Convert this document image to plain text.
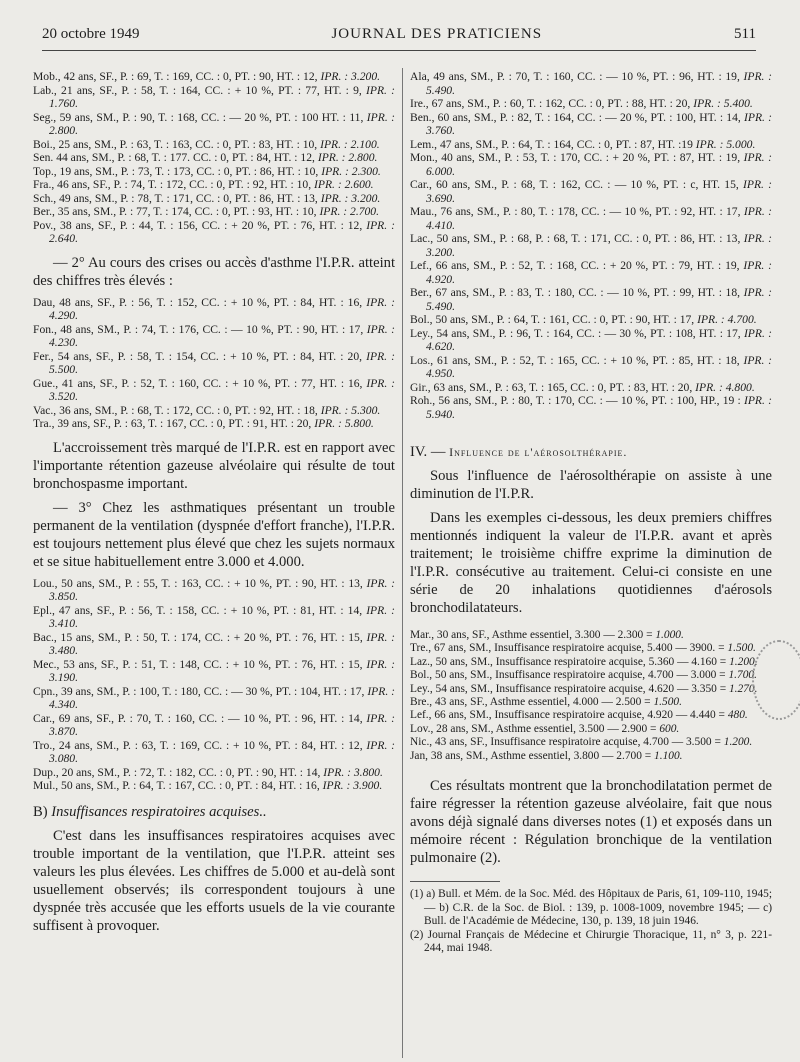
20 octobre 1949	JOURNAL DES PRATICIENS	511
Mob., 42 ans, SF., P. : 69, T. : 169, CC. : 0, PT. : 90, HT. : 12, IPR. : 3.200.
Lab., 21 ans, SF., P. : 58, T. : 164, CC. : + 10 %, PT. : 77, HT. : 9, IPR. : 1.760.
Seg., 59 ans, SM., P. : 90, T. : 168, CC. : — 20 %, PT. : 100 HT. : 11, IPR. : 2.800.
Boi., 25 ans, SM., P. : 63, T. : 163, CC. : 0, PT. : 83, HT. : 10, IPR. : 2.100.
Sen. 44 ans, SM., P. : 68, T. : 177. CC. : 0, PT. : 84, HT. : 12, IPR. : 2.800.
Top., 19 ans, SM., P. : 73, T. : 173, CC. : 0, PT. : 86, HT. : 10, IPR. : 2.300.
Fra., 46 ans, SF., P. : 74, T. : 172, CC. : 0, PT. : 92, HT. : 10, IPR. : 2.600.
Sch., 49 ans, SM., P. : 78, T. : 171, CC. : 0, PT. : 86, HT. : 13, IPR. : 3.200.
Ber., 35 ans, SM., P. : 77, T. : 174, CC. : 0, PT. : 93, HT. : 10, IPR. : 2.700.
Pov., 38 ans, SF., P. : 44, T. : 156, CC. : + 20 %, PT. : 76, HT. : 12, IPR. : 2.640.

— 2° Au cours des crises ou accès d'asthme l'I.P.R. atteint des chiffres très élevés :

Dau, 48 ans, SF., P. : 56, T. : 152, CC. : + 10 %, PT. : 84, HT. : 16, IPR. : 4.290.
Fon., 48 ans, SM., P. : 74, T. : 176, CC. : — 10 %, PT. : 90, HT. : 17, IPR. : 4.230.
Fer., 54 ans, SF., P. : 58, T. : 154, CC. : + 10 %, PT. : 84, HT. : 20, IPR. : 5.500.
Gue., 41 ans, SF., P. : 52, T. : 160, CC. : + 10 %, PT. : 77, HT. : 16, IPR. : 3.520.
Vac., 36 ans, SM., P. : 68, T. : 172, CC. : 0, PT. : 92, HT. : 18, IPR. : 5.300.
Tra., 39 ans, SF., P. : 63, T. : 167, CC. : 0, PT. : 91, HT. : 20, IPR. : 5.800.

L'accroissement très marqué de l'I.P.R. est en rapport avec l'importante rétention gazeuse alvéolaire qui résulte de tout bronchospasme important.

— 3° Chez les asthmatiques présentant un trouble permanent de la ventilation (dyspnée d'effort franche), l'I.P.R. est toujours nettement plus élevé que chez les sujets normaux et se situe habituellement entre 3.000 et 4.000.

Lou., 50 ans, SM., P. : 55, T. : 163, CC. : + 10 %, PT. : 90, HT. : 13, IPR. : 3.850.
Epl., 47 ans, SF., P. : 56, T. : 158, CC. : + 10 %, PT. : 81, HT. : 14, IPR. : 3.410.
Bac., 15 ans, SM., P. : 50, T. : 174, CC. : + 20 %, PT. : 76, HT. : 15, IPR. : 3.480.
Mec., 53 ans, SF., P. : 51, T. : 148, CC. : + 10 %, PT. : 76, HT. : 15, IPR. : 3.190.
Cpn., 39 ans, SM., P. : 100, T. : 180, CC. : — 30 %, PT. : 104, HT. : 17, IPR. : 4.340.
Car., 69 ans, SF., P. : 70, T. : 160, CC. : — 10 %, PT. : 96, HT. : 14, IPR. : 3.870.
Tro., 24 ans, SM., P. : 63, T. : 169, CC. : + 10 %, PT. : 84, HT. : 12, IPR. : 3.080.
Dup., 20 ans, SM., P. : 72, T. : 182, CC. : 0, PT. : 90, HT. : 14, IPR. : 3.800.
Mul., 50 ans, SM., P. : 64, T. : 167, CC. : 0, PT. : 84, HT. : 16, IPR. : 3.900.
B) Insuffisances respiratoires acquises..

C'est dans les insuffisances respiratoires acquises avec trouble important de la ventilation, que l'I.P.R. atteint ses valeurs les plus élevées. Les chiffres de 5.000 et au-delà sont usuellement observés; ils correspondent toujours à une dyspnée très accusée que les efforts usuels de la vie courante suffisent à provoquer.

Ala, 49 ans, SM., P. : 70, T. : 160, CC. : — 10 %, PT. : 96, HT. : 19, IPR. : 5.490.
Ire., 67 ans, SM., P. : 60, T. : 162, CC. : 0, PT. : 88, HT. : 20, IPR. : 5.400.
Ben., 60 ans, SM., P. : 82, T. : 164, CC. : — 20 %, PT. : 100, HT. : 14, IPR. : 3.760.
Lem., 47 ans, SM., P. : 64, T. : 164, CC. : 0, PT. : 87, HT. :19 IPR. : 5.000.
Mon., 40 ans, SM., P. : 53, T. : 170, CC. : + 20 %, PT. : 87, HT. : 19, IPR. : 6.000.
Car., 60 ans, SM., P. : 68, T. : 162, CC. : — 10 %, PT. : c, HT. 15, IPR. : 3.690.
Mau., 76 ans, SM., P. : 80, T. : 178, CC. : — 10 %, PT. : 92, HT. : 17, IPR. : 4.410.
Lac., 50 ans, SM., P. : 68, P. : 68, T. : 171, CC. : 0, PT. : 86, HT. : 13, IPR. : 3.200.
Lef., 66 ans, SM., P. : 52, T. : 168, CC. : + 20 %, PT. : 79, HT. : 19, IPR. : 4.920.
Ber., 67 ans, SM., P. : 83, T. : 180, CC. : — 10 %, PT. : 99, HT. : 18, IPR. : 5.490.
Bol., 50 ans, SM., P. : 64, T. : 161, CC. : 0, PT. : 90, HT. : 17, IPR. : 4.700.
Ley., 54 ans, SM., P. : 96, T. : 164, CC. : — 30 %, PT. : 108, HT. : 17, IPR. : 4.620.
Los., 61 ans, SM., P. : 52, T. : 165, CC. : + 10 %, PT. : 85, HT. : 18, IPR. : 4.950.
Gir., 63 ans, SM., P. : 63, T. : 165, CC. : 0, PT. : 83, HT. : 20, IPR. : 4.800.
Roh., 56 ans, SM., P. : 80, T. : 170, CC. : — 10 %, PT. : 100, HP., 19 : IPR. : 5.940.
IV. — Influence de l'aérosolthérapie.

Sous l'influence de l'aérosolthérapie on assiste à une diminution de l'I.P.R.

Dans les exemples ci-dessous, les deux premiers chiffres mentionnés indiquent la valeur de l'I.P.R. avant et après traitement; le troisième chiffre exprime la diminution de l'I.P.R. consécutive au traitement. Celui-ci consiste en une série de 20 inhalations quotidiennes d'aérosols bronchodilatateurs.

Mar., 30 ans, SF., Asthme essentiel, 3.300 — 2.300 = 1.000.
Tre., 67 ans, SM., Insuffisance respiratoire acquise, 5.400 — 3900. = 1.500.
Laz., 50 ans, SM., Insuffisance respiratoire acquise, 5.360 — 4.160 = 1.200.
Bol., 50 ans, SM., Insuffisance respiratoire acquise, 4.700 — 3.000 = 1.700.
Ley., 54 ans, SM., Insuffisance respiratoire acquise, 4.620 — 3.350 = 1.270.
Bre., 43 ans, SF., Asthme essentiel, 4.000 — 2.500 = 1.500.
Lef., 66 ans, SM., Insuffisance respiratoire acquise, 4.920 — 4.440 = 480.
Lov., 28 ans, SM., Asthme essentiel, 3.500 — 2.900 = 600.
Nic., 43 ans, SF., Insuffisance respiratoire acquise, 4.700 — 3.500 = 1.200.
Jan, 38 ans, SM., Asthme essentiel, 3.800 — 2.700 = 1.100.

Ces résultats montrent que la bronchodilatation permet de faire régresser la rétention gazeuse alvéolaire, fait que nous avons déjà signalé dans diverses notes (1) et exposés dans un mémoire récent : Régulation bronchique de la ventilation pulmonaire (2).

(1) a) Bull. et Mém. de la Soc. Méd. des Hôpitaux de Paris, 61, 109-110, 1945; — b) C.R. de la Soc. de Biol. : 139, p. 1008-1009, novembre 1945; — c) Bull. de l'Académie de Médecine, 130, p. 139, 18 juin 1946.
(2) Journal Français de Médecine et Chirurgie Thoracique, 11, n° 3, p. 221-244, mai 1948.
